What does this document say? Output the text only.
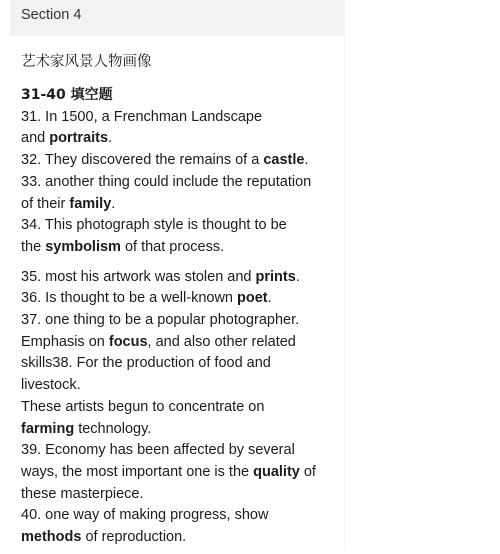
Section 4
艺术家风景人物画像
31-40 填空题
31. In 1500, a Frenchman Landscape
and portraits.
32. They discovered the remains of a castle.
33. another thing could include the reputation
of their family.
34. This photograph style is thought to be
the symbolism of that process.
35. most his artwork was stolen and prints.
36. Is thought to be a well-known poet.
37. one thing to be a popular photographer.
Emphasis on focus, and also other related
skills38. For the production of food and
livestock.
These artists begun to concentrate on
farming technology.
39. Economy has been affected by several
ways, the most important one is the quality of
these masterpiece.
40. one way of making progress, show
methods of reproduction.
